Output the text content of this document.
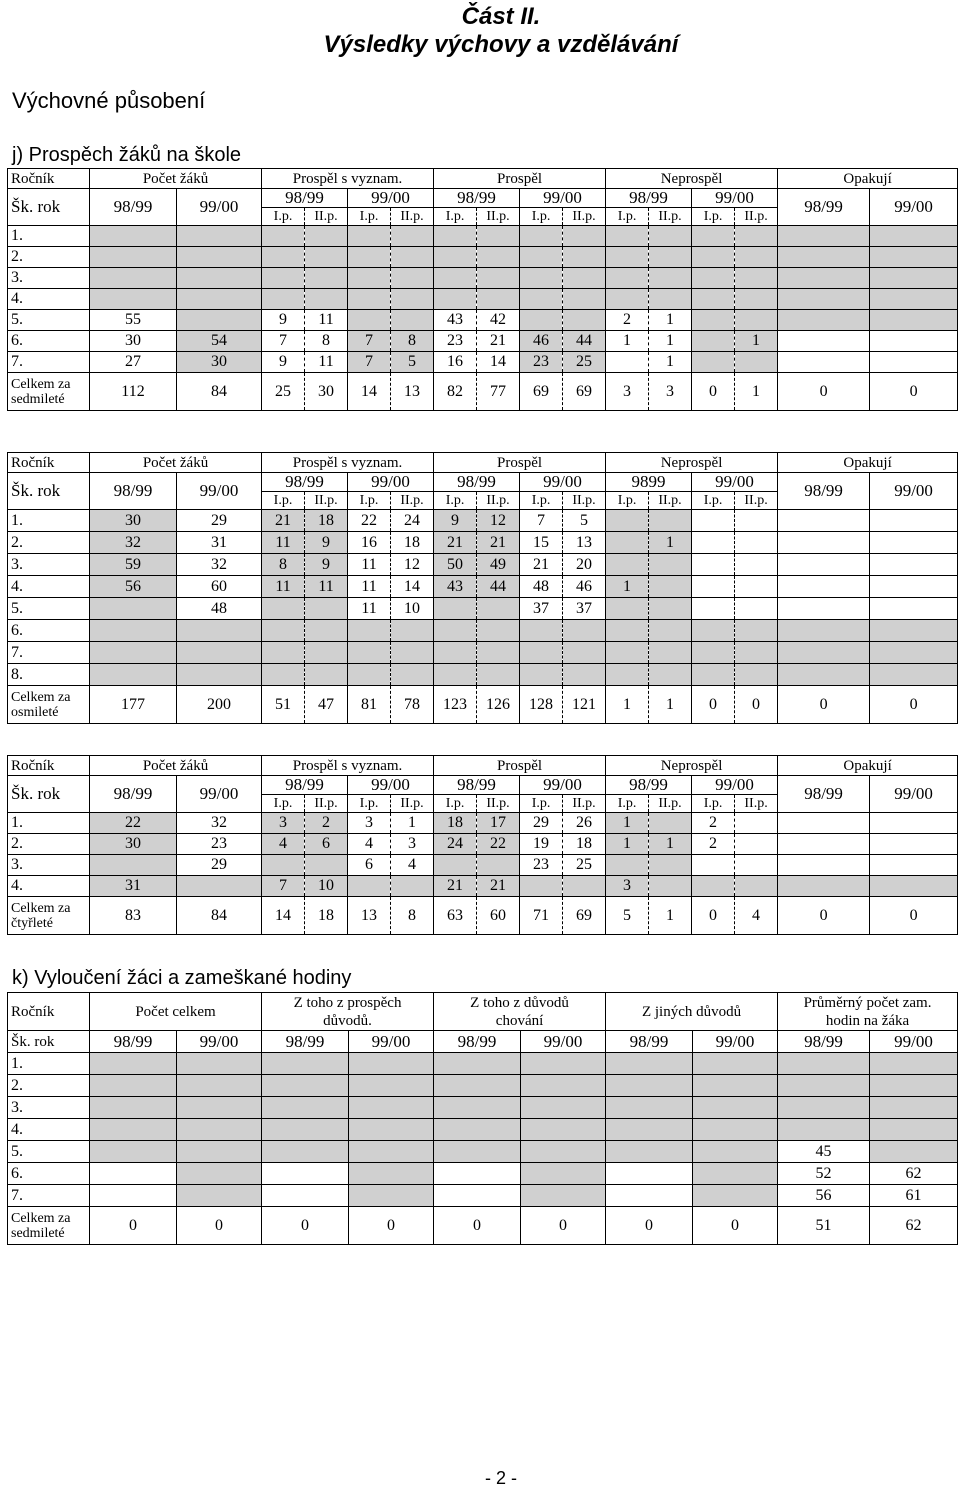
Část II.
Výsledky výchovy a vzdělávání
Výchovné působení
j) Prospěch žáků na škole
Ročník	Počet žáků		Prospěl s vyznam.				Prospěl				Neprospěl				Opakují	
Šk. rok	98/99	99/00	98/99		99/00		98/99		99/00		98/99		99/00		98/99	99/00
			I.p.	II.p.	I.p.	II.p.	I.p.	II.p.	I.p.	II.p.	I.p.	II.p.	I.p.	II.p.		
1.																
2.																
3.																
4.																
5.	55		9	11			43	42			2	1				
6.	30	54	7	8	7	8	23	21	46	44	1	1		1		
7.	27	30	9	11	7	5	16	14	23	25		1				
Celkem za
sedmileté	112	84	25	30	14	13	82	77	69	69	3	3	0	1	0	0
Ročník	Počet žáků		Prospěl s vyznam.				Prospěl				Neprospěl				Opakují	
Šk. rok	98/99	99/00	98/99		99/00		98/99		99/00		9899		99/00		98/99	99/00
			I.p.	II.p.	I.p.	II.p.	I.p.	II.p.	I.p.	II.p.	I.p.	II.p.	I.p.	II.p.		
1.	30	29	21	18	22	24	9	12	7	5						
2.	32	31	11	9	16	18	21	21	15	13		1				
3.	59	32	8	9	11	12	50	49	21	20						
4.	56	60	11	11	11	14	43	44	48	46	1					
5.		48			11	10			37	37						
6.																
7.																
8.																
Celkem za
osmileté	177	200	51	47	81	78	123	126	128	121	1	1	0	0	0	0
Ročník	Počet žáků		Prospěl s vyznam.				Prospěl				Neprospěl				Opakují	
Šk. rok	98/99	99/00	98/99		99/00		98/99		99/00		98/99		99/00		98/99	99/00
			I.p.	II.p.	I.p.	II.p.	I.p.	II.p.	I.p.	II.p.	I.p.	II.p.	I.p.	II.p.		
1.	22	32	3	2	3	1	18	17	29	26	1		2			
2.	30	23	4	6	4	3	24	22	19	18	1	1	2			
3.		29			6	4			23	25						
4.	31		7	10			21	21			3					
Celkem za
čtyřleté	83	84	14	18	13	8	63	60	71	69	5	1	0	4	0	0
k) Vyloučení žáci a zameškané hodiny
Ročník	Počet celkem		Z toho z prospěch
důvodů.		Z toho z důvodů
chování		Z jiných důvodů		Průměrný počet zam.
hodin na žáka	
Šk. rok	98/99	99/00	98/99	99/00	98/99	99/00	98/99	99/00	98/99	99/00
1.										
2.										
3.										
4.										
5.									45	
6.									52	62
7.									56	61
Celkem za
sedmileté	0	0	0	0	0	0	0	0	51	62
- 2 -
